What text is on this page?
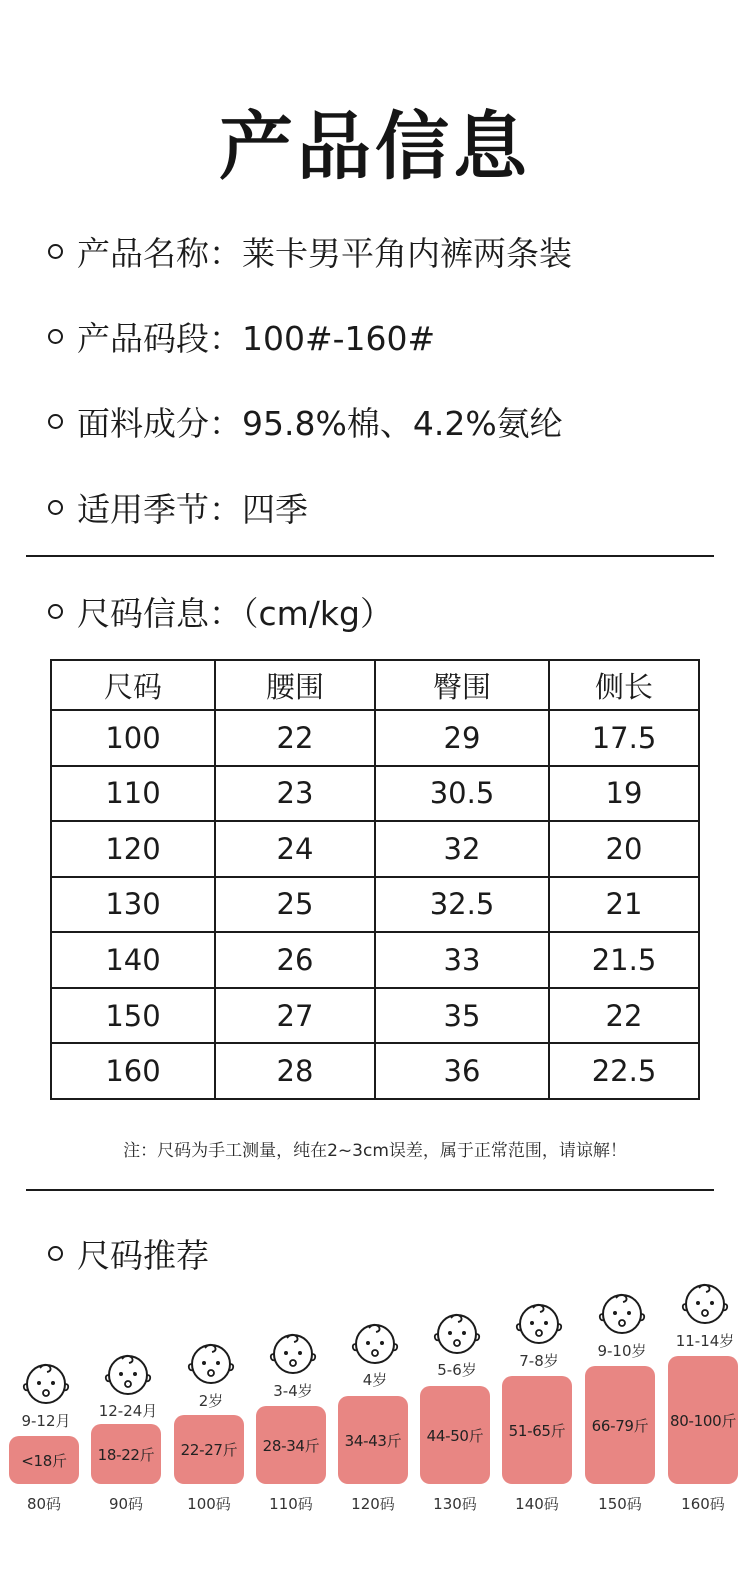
产品信息
产品名称：莱卡男平角内裤两条装
产品码段：100#-160#
面料成分：95.8%棉、4.2%氨纶
适用季节：四季
尺码信息：（cm/kg）
尺码	腰围	臀围	侧长
100	22	29	17.5
110	23	30.5	19
120	24	32	20
130	25	32.5	21
140	26	33	21.5
150	27	35	22
160	28	36	22.5
注：尺码为手工测量，纯在2~3cm误差，属于正常范围，请谅解！
尺码推荐
9-12月
<18斤
80码
12-24月
18-22斤
90码
2岁
22-27斤
100码
3-4岁
28-34斤
110码
4岁
34-43斤
120码
5-6岁
44-50斤
130码
7-8岁
51-65斤
140码
9-10岁
66-79斤
150码
11-14岁
80-100斤
160码
